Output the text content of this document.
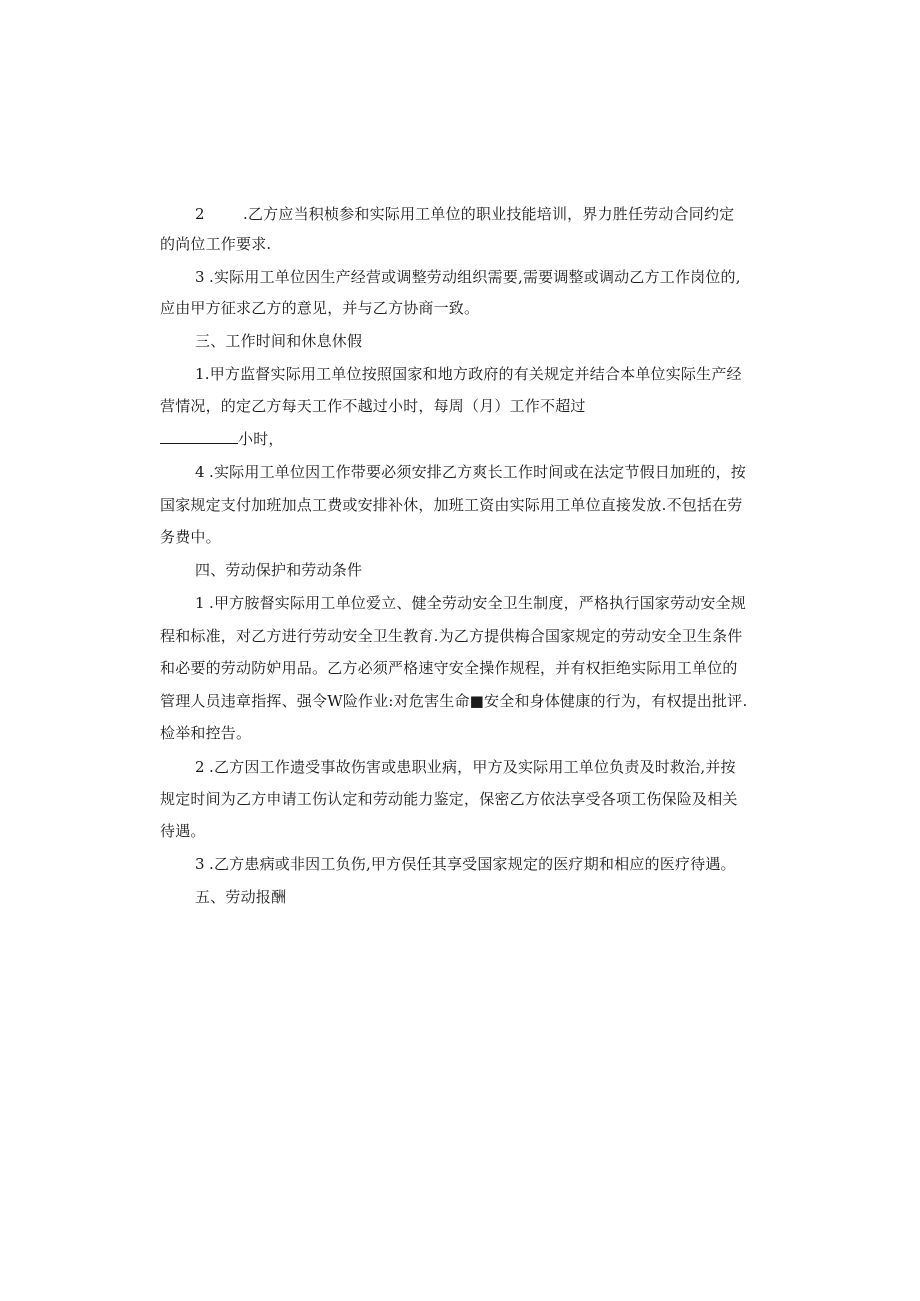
2	.乙方应当积桢参和实际用工单位的职业技能培训，界力胜任劳动合同约定
的尚位工作要求.
3 .实际用工单位因生产经营或调整劳动组织需要,需要调整或调动乙方工作岗位的,
应由甲方征求乙方的意见，并与乙方协商一致。
三、工作时间和休息休假
1.甲方监督实际用工单位按照国家和地方政府的有关规定并结合本单位实际生产经
营情况，的定乙方每天工作不越过小时，每周（月）工作不超过
小时，
4 .实际用工单位因工作带要必须安排乙方爽长工作时间或在法定节假日加班的，按
国家规定支付加班加点工费或安排补休，加班工资由实际用工单位直接发放.不包括在劳
务费中。
四、劳动保护和劳动条件
1 .甲方胺督实际用工单位爱立、健全劳动安全卫生制度，严格执行国家劳动安全规
程和标准，对乙方进行劳动安全卫生教育.为乙方提供梅合国家规定的劳动安全卫生条件
和必要的劳动防妒用品。乙方必须严格速守安全操作规程，并有权拒绝实际用工单位的
管理人员违章指挥、强令W险作业:对危害生命■安全和身体健康的行为，有权提出批评.
检举和控告。
2 .乙方因工作遗受事故伤害或患职业病，甲方及实际用工单位负责及时救治,并按
规定时间为乙方申请工伤认定和劳动能力鉴定，保密乙方依法享受各项工伤保险及相关
待遇。
3 .乙方患病或非因工负伤,甲方俣任其享受国家规定的医疗期和相应的医疗待遇。
五、劳动报酬
